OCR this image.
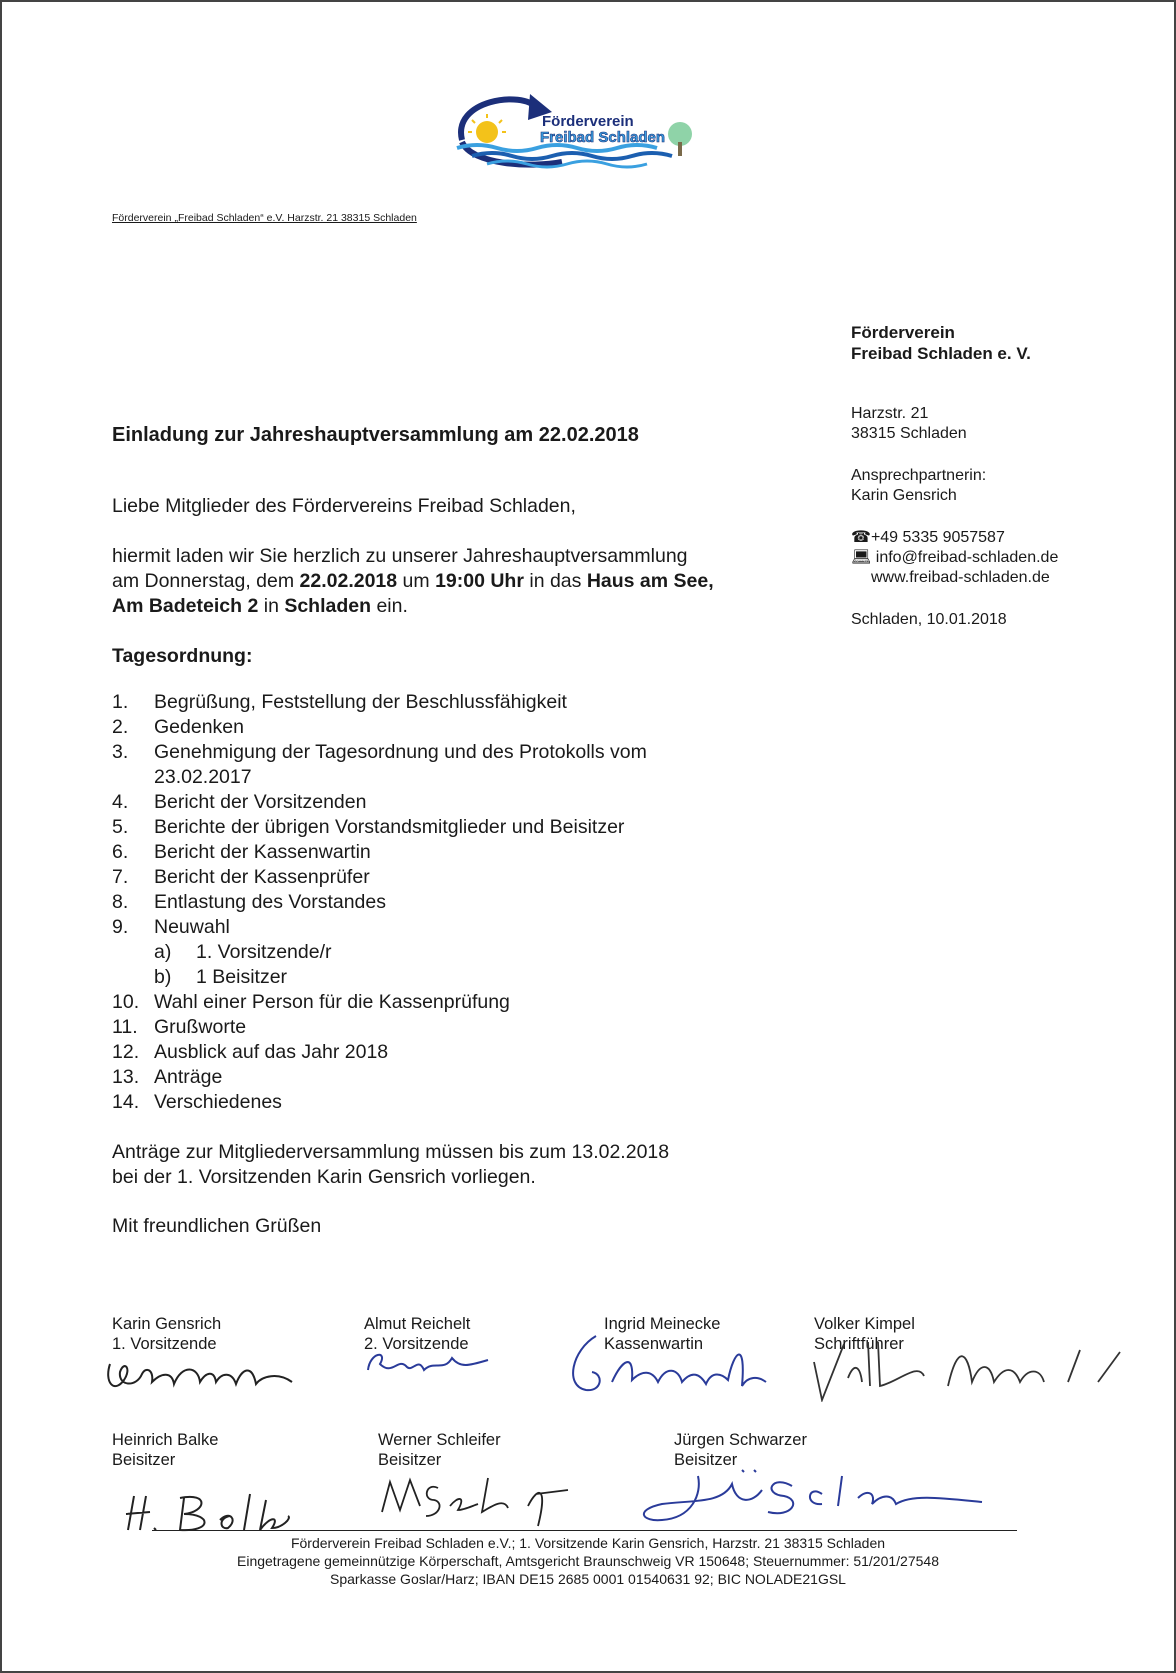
Förderverein
Freibad Schladen
Förderverein „Freibad Schladen“ e.V. Harzstr. 21 38315 Schladen
Förderverein
Freibad Schladen e. V.
Harzstr. 21
38315 Schladen
Ansprechpartnerin:
Karin Gensrich
☎+49 5335 9057587
💻︎ info@freibad-schladen.de
www.freibad-schladen.de
Schladen, 10.01.2018
Einladung zur Jahreshauptversammlung am 22.02.2018
Liebe Mitglieder des Fördervereins Freibad Schladen,
hiermit laden wir Sie herzlich zu unserer Jahreshauptversammlung
am Donnerstag, dem 22.02.2018 um 19:00 Uhr in das Haus am See,
Am Badeteich 2 in Schladen ein.
Tagesordnung:
1. Begrüßung, Feststellung der Beschlussfähigkeit
2. Gedenken
3. Genehmigung der Tagesordnung und des Protokolls vom
23.02.2017
4. Bericht der Vorsitzenden
5. Berichte der übrigen Vorstandsmitglieder und Beisitzer
6. Bericht der Kassenwartin
7. Bericht der Kassenprüfer
8. Entlastung des Vorstandes
9. Neuwahl
a) 1. Vorsitzende/r
b) 1 Beisitzer
10. Wahl einer Person für die Kassenprüfung
11. Grußworte
12. Ausblick auf das Jahr 2018
13. Anträge
14. Verschiedenes
Anträge zur Mitgliederversammlung müssen bis zum 13.02.2018
bei der 1. Vorsitzenden Karin Gensrich vorliegen.
Mit freundlichen Grüßen
Karin Gensrich
1. Vorsitzende
Almut Reichelt
2. Vorsitzende
Ingrid Meinecke
Kassenwartin
Volker Kimpel
Schriftführer
Heinrich Balke
Beisitzer
Werner Schleifer
Beisitzer
Jürgen Schwarzer
Beisitzer
Förderverein Freibad Schladen e.V.; 1. Vorsitzende Karin Gensrich, Harzstr. 21 38315 Schladen
Eingetragene gemeinnützige Körperschaft, Amtsgericht Braunschweig VR 150648; Steuernummer: 51/201/27548
Sparkasse Goslar/Harz; IBAN DE15 2685 0001 01540631 92; BIC NOLADE21GSL
